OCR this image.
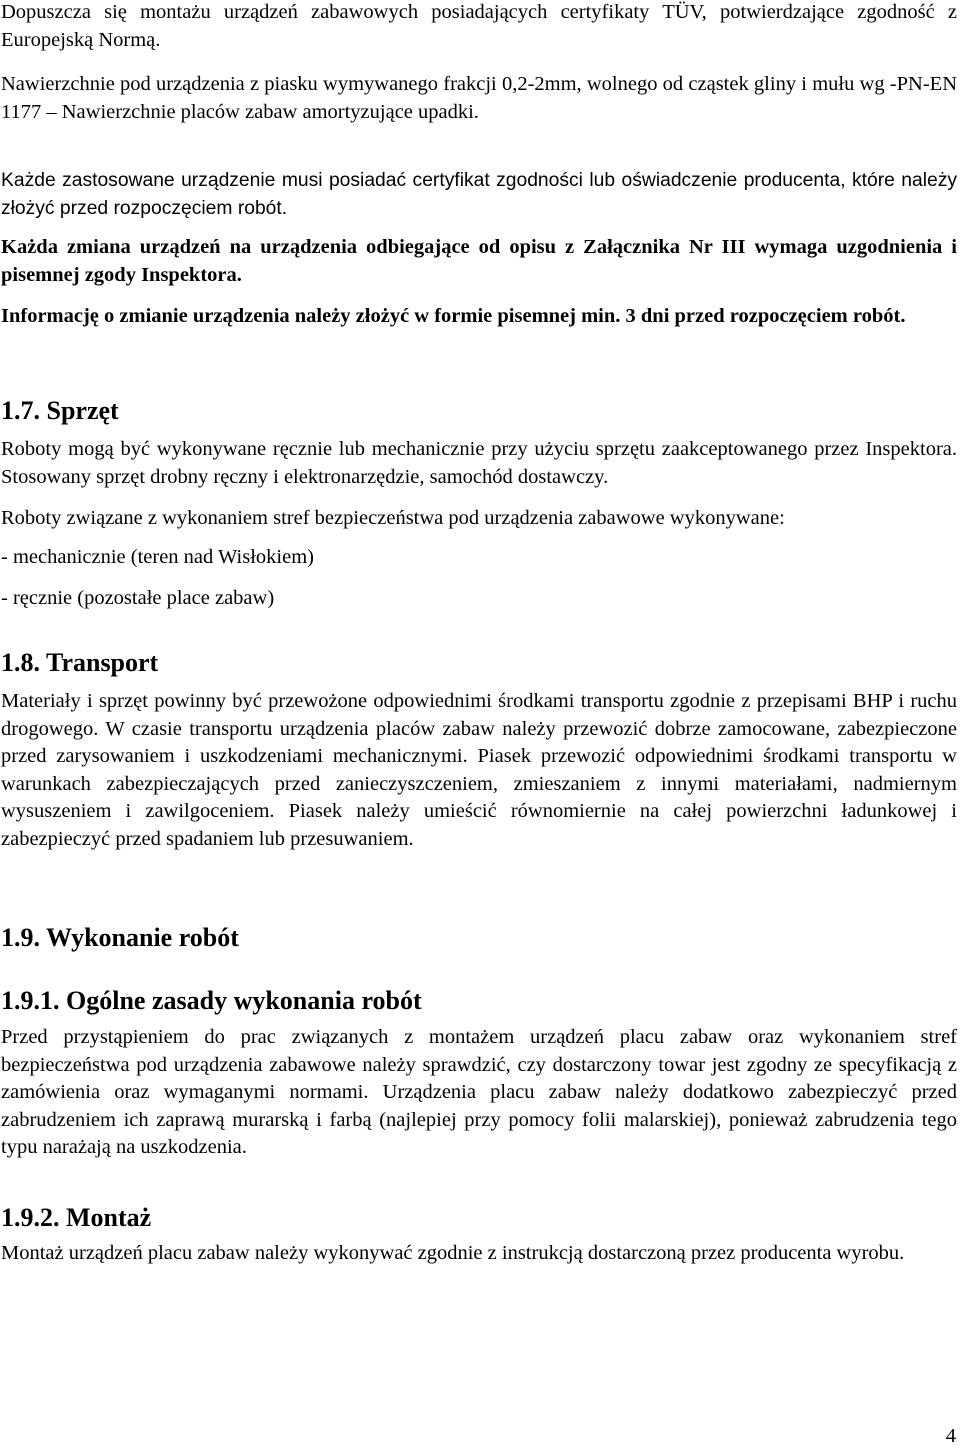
Dopuszcza się montażu urządzeń zabawowych posiadających certyfikaty TÜV, potwierdzające zgodność z Europejską Normą.

Nawierzchnie pod urządzenia z piasku wymywanego frakcji 0,2-2mm, wolnego od cząstek gliny i mułu wg -PN-EN 1177 – Nawierzchnie placów zabaw amortyzujące upadki.

Każde zastosowane urządzenie musi posiadać certyfikat zgodności lub oświadczenie producenta, które należy złożyć przed rozpoczęciem robót.

Każda zmiana urządzeń na urządzenia odbiegające od opisu z Załącznika Nr III wymaga uzgodnienia i pisemnej zgody Inspektora.

Informację o zmianie urządzenia należy złożyć w formie pisemnej min. 3 dni przed rozpoczęciem robót.

1.7. Sprzęt

Roboty mogą być wykonywane ręcznie lub mechanicznie przy użyciu sprzętu zaakceptowanego przez Inspektora. Stosowany sprzęt drobny ręczny i elektronarzędzie, samochód dostawczy.

Roboty związane z wykonaniem stref bezpieczeństwa pod urządzenia zabawowe wykonywane:

- mechanicznie (teren nad Wisłokiem)

- ręcznie (pozostałe place zabaw)

1.8. Transport

Materiały i sprzęt powinny być przewożone odpowiednimi środkami transportu zgodnie z przepisami BHP i ruchu drogowego. W czasie transportu urządzenia placów zabaw należy przewozić dobrze zamocowane, zabezpieczone przed zarysowaniem i uszkodzeniami mechanicznymi. Piasek przewozić odpowiednimi środkami transportu w warunkach zabezpieczających przed zanieczyszczeniem, zmieszaniem z innymi materiałami, nadmiernym wysuszeniem i zawilgoceniem. Piasek należy umieścić równomiernie na całej powierzchni ładunkowej i zabezpieczyć przed spadaniem lub przesuwaniem.

1.9. Wykonanie robót
1.9.1. Ogólne zasady wykonania robót

Przed przystąpieniem do prac związanych z montażem urządzeń placu zabaw oraz wykonaniem stref bezpieczeństwa pod urządzenia zabawowe należy sprawdzić, czy dostarczony towar jest zgodny ze specyfikacją z zamówienia oraz wymaganymi normami. Urządzenia placu zabaw należy dodatkowo zabezpieczyć przed zabrudzeniem ich zaprawą murarską i farbą (najlepiej przy pomocy folii malarskiej), ponieważ zabrudzenia tego typu narażają na uszkodzenia.

1.9.2. Montaż

Montaż urządzeń placu zabaw należy wykonywać zgodnie z instrukcją dostarczoną przez producenta wyrobu.

4
